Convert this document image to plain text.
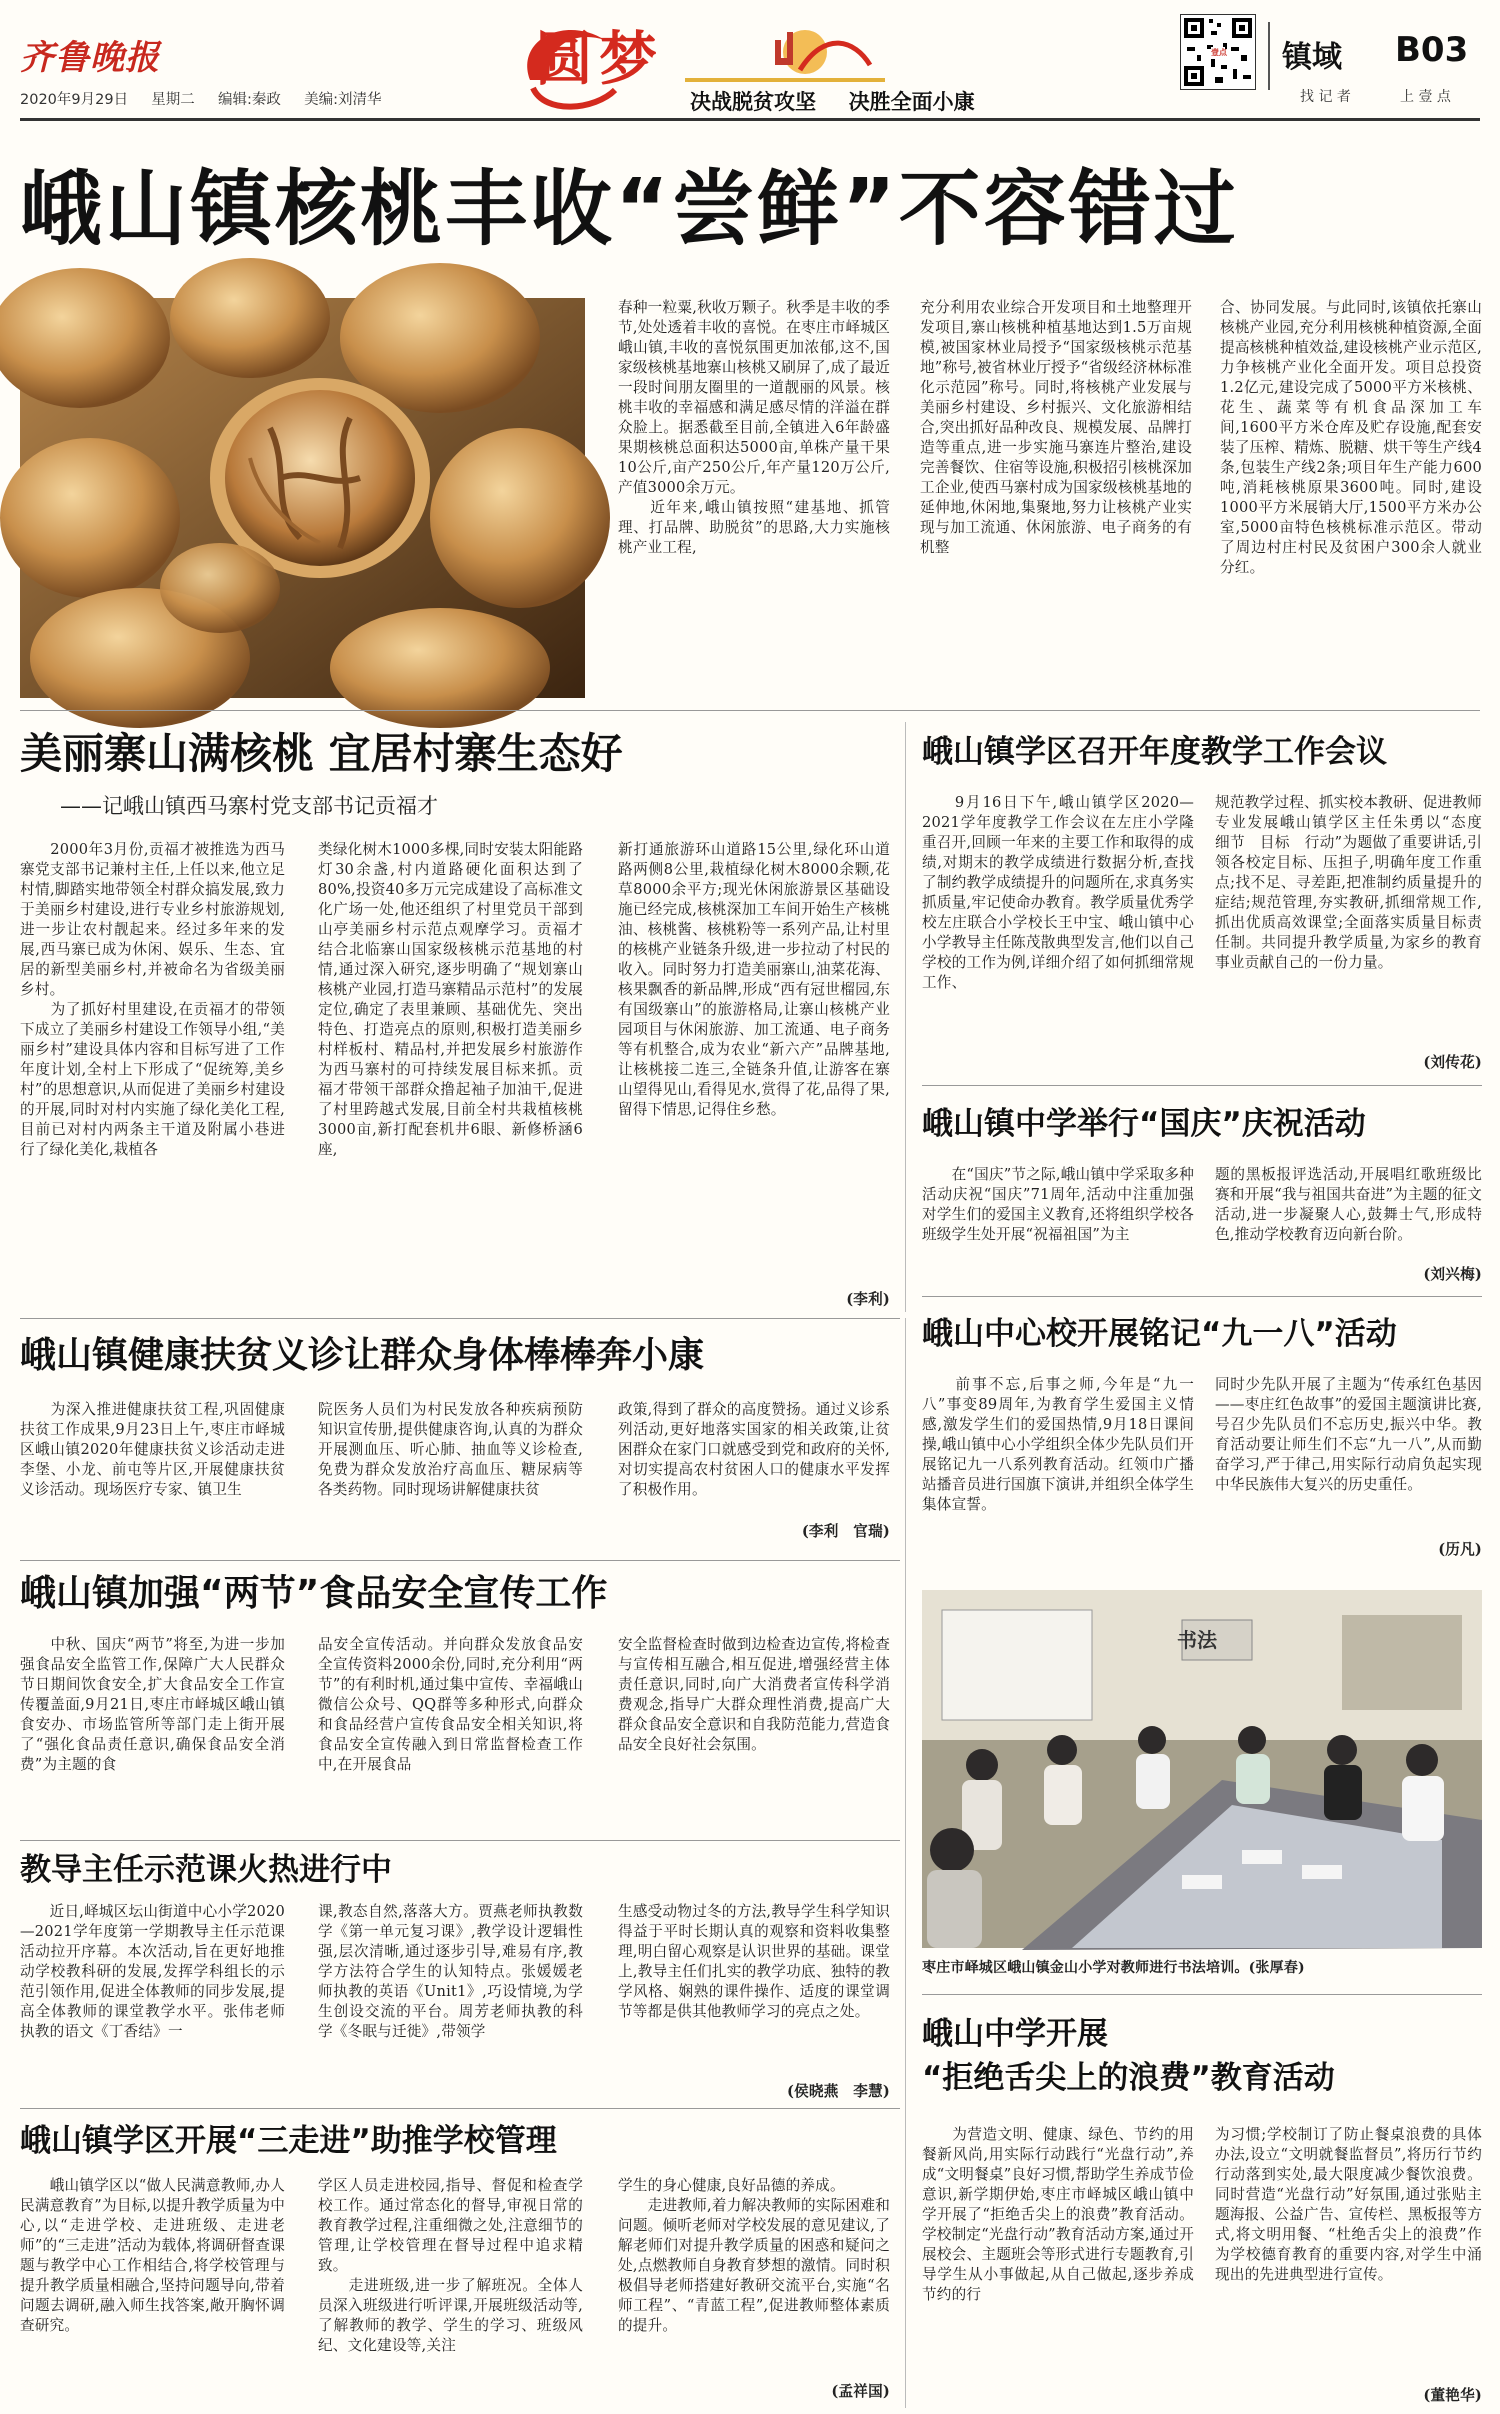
齐鲁晚报
2020年9月29日 星期二 编辑:秦政 美编:刘清华
圆梦
决战脱贫攻坚 决胜全面小康
壹点 镇域 B03
找 记 者	上 壹 点
峨山镇核桃丰收“尝鲜”不容错过
春种一粒粟,秋收万颗子。秋季是丰收的季节,处处透着丰收的喜悦。在枣庄市峄城区峨山镇,丰收的喜悦氛围更加浓郁,这不,国家级核桃基地寨山核桃又刷屏了,成了最近一段时间朋友圈里的一道靓丽的风景。核桃丰收的幸福感和满足感尽情的洋溢在群众脸上。据悉截至目前,全镇进入6年龄盛果期核桃总面积达5000亩,单株产量干果10公斤,亩产250公斤,年产量120万公斤,产值3000余万元。
　　近年来,峨山镇按照“建基地、抓管理、打品牌、助脱贫”的思路,大力实施核桃产业工程,
充分利用农业综合开发项目和土地整理开发项目,寨山核桃种植基地达到1.5万亩规模,被国家林业局授予“国家级核桃示范基地”称号,被省林业厅授予“省级经济林标准化示范园”称号。同时,将核桃产业发展与美丽乡村建设、乡村振兴、文化旅游相结合,突出抓好品种改良、规模发展、品牌打造等重点,进一步实施马寨连片整治,建设完善餐饮、住宿等设施,积极招引核桃深加工企业,使西马寨村成为国家级核桃基地的延伸地,休闲地,集聚地,努力让核桃产业实现与加工流通、休闲旅游、电子商务的有机整
合、协同发展。与此同时,该镇依托寨山核桃产业园,充分利用核桃种植资源,全面提高核桃种植效益,建设核桃产业示范区,力争核桃产业化全面开发。项目总投资1.2亿元,建设完成了5000平方米核桃、花生、蔬菜等有机食品深加工车间,1600平方米仓库及贮存设施,配套安装了压榨、精炼、脱糖、烘干等生产线4条,包装生产线2条;项目年生产能力600吨,消耗核桃原果3600吨。同时,建设1000平方米展销大厅,1500平方米办公室,5000亩特色核桃标准示范区。带动了周边村庄村民及贫困户300余人就业分红。
美丽寨山满核桃 宜居村寨生态好
——记峨山镇西马寨村党支部书记贡福才
　　2000年3月份,贡福才被推选为西马寨党支部书记兼村主任,上任以来,他立足村情,脚踏实地带领全村群众搞发展,致力于美丽乡村建设,进行专业乡村旅游规划,进一步让农村靓起来。经过多年来的发展,西马寨已成为休闲、娱乐、生态、宜居的新型美丽乡村,并被命名为省级美丽乡村。
　　为了抓好村里建设,在贡福才的带领下成立了美丽乡村建设工作领导小组,“美丽乡村”建设具体内容和目标写进了工作年度计划,全村上下形成了“促统筹,美乡村”的思想意识,从而促进了美丽乡村建设的开展,同时对村内实施了绿化美化工程,目前已对村内两条主干道及附属小巷进行了绿化美化,栽植各
类绿化树木1000多棵,同时安装太阳能路灯30余盏,村内道路硬化面积达到了80%,投资40多万元完成建设了高标准文化广场一处,他还组织了村里党员干部到山亭美丽乡村示范点观摩学习。贡福才结合北临寨山国家级核桃示范基地的村情,通过深入研究,逐步明确了“规划寨山核桃产业园,打造马寨精品示范村”的发展定位,确定了表里兼顾、基础优先、突出特色、打造亮点的原则,积极打造美丽乡村样板村、精品村,并把发展乡村旅游作为西马寨村的可持续发展目标来抓。贡福才带领干部群众撸起袖子加油干,促进了村里跨越式发展,目前全村共栽植核桃3000亩,新打配套机井6眼、新修桥涵6座,
新打通旅游环山道路15公里,绿化环山道路两侧8公里,栽植绿化树木8000余颗,花草8000余平方;现光休闲旅游景区基础设施已经完成,核桃深加工车间开始生产核桃油、核桃酱、核桃粉等一系列产品,让村里的核桃产业链条升级,进一步拉动了村民的收入。同时努力打造美丽寨山,油菜花海、核果飘香的新品牌,形成“西有冠世榴园,东有国级寨山”的旅游格局,让寨山核桃产业园项目与休闲旅游、加工流通、电子商务等有机整合,成为农业“新六产”品牌基地,让核桃接二连三,全链条升值,让游客在寨山望得见山,看得见水,赏得了花,品得了果,留得下情思,记得住乡愁。
(李利)
峨山镇学区召开年度教学工作会议
　　9月16日下午,峨山镇学区2020—2021学年度教学工作会议在左庄小学隆重召开,回顾一年来的主要工作和取得的成绩,对期末的教学成绩进行数据分析,查找了制约教学成绩提升的问题所在,求真务实抓质量,牢记使命办教育。教学质量优秀学校左庄联合小学校长王中宝、峨山镇中心小学教导主任陈茂散典型发言,他们以自己学校的工作为例,详细介绍了如何抓细常规工作、
规范教学过程、抓实校本教研、促进教师专业发展峨山镇学区主任朱勇以“态度　细节　目标　行动”为题做了重要讲话,引领各校定目标、压担子,明确年度工作重点;找不足、寻差距,把准制约质量提升的症结;规范管理,夯实教研,抓细常规工作,抓出优质高效课堂;全面落实质量目标责任制。共同提升教学质量,为家乡的教育事业贡献自己的一份力量。
(刘传花)
峨山镇中学举行“国庆”庆祝活动
　　在“国庆”节之际,峨山镇中学采取多种活动庆祝“国庆”71周年,活动中注重加强对学生们的爱国主义教育,还将组织学校各班级学生处开展“祝福祖国”为主
题的黑板报评选活动,开展唱红歌班级比赛和开展“我与祖国共奋进”为主题的征文活动,进一步凝聚人心,鼓舞士气,形成特色,推动学校教育迈向新台阶。
(刘兴梅)
峨山镇健康扶贫义诊让群众身体棒棒奔小康
　　为深入推进健康扶贫工程,巩固健康扶贫工作成果,9月23日上午,枣庄市峄城区峨山镇2020年健康扶贫义诊活动走进李堡、小龙、前屯等片区,开展健康扶贫义诊活动。现场医疗专家、镇卫生
院医务人员们为村民发放各种疾病预防知识宣传册,提供健康咨询,认真的为群众开展测血压、听心肺、抽血等义诊检查,免费为群众发放治疗高血压、糖尿病等各类药物。同时现场讲解健康扶贫
政策,得到了群众的高度赞扬。通过义诊系列活动,更好地落实国家的相关政策,让贫困群众在家门口就感受到党和政府的关怀,对切实提高农村贫困人口的健康水平发挥了积极作用。
(李利　官瑞)
峨山中心校开展铭记“九一八”活动
　　前事不忘,后事之师,今年是“九一八”事变89周年,为教育学生爱国主义情感,激发学生们的爱国热情,9月18日课间操,峨山镇中心小学组织全体少先队员们开展铭记九一八系列教育活动。红领巾广播站播音员进行国旗下演讲,并组织全体学生集体宣誓。
同时少先队开展了主题为“传承红色基因——枣庄红色故事”的爱国主题演讲比赛,号召少先队员们不忘历史,振兴中华。教育活动要让师生们不忘“九一八”,从而勤奋学习,严于律己,用实际行动肩负起实现中华民族伟大复兴的历史重任。
(历凡)
峨山镇加强“两节”食品安全宣传工作
　　中秋、国庆“两节”将至,为进一步加强食品安全监管工作,保障广大人民群众节日期间饮食安全,扩大食品安全工作宣传覆盖面,9月21日,枣庄市峄城区峨山镇食安办、市场监管所等部门走上街开展了“强化食品责任意识,确保食品安全消费”为主题的食
品安全宣传活动。并向群众发放食品安全宣传资料2000余份,同时,充分利用“两节”的有利时机,通过集中宣传、幸福峨山微信公众号、QQ群等多种形式,向群众和食品经营户宣传食品安全相关知识,将食品安全宣传融入到日常监督检查工作中,在开展食品
安全监督检查时做到边检查边宣传,将检查与宣传相互融合,相互促进,增强经营主体责任意识,同时,向广大消费者宣传科学消费观念,指导广大群众理性消费,提高广大群众食品安全意识和自我防范能力,营造食品安全良好社会氛围。
教导主任示范课火热进行中
　　近日,峄城区坛山街道中心小学2020—2021学年度第一学期教导主任示范课活动拉开序幕。本次活动,旨在更好地推动学校教科研的发展,发挥学科组长的示范引领作用,促进全体教师的同步发展,提高全体教师的课堂教学水平。张伟老师执教的语文《丁香结》一
课,教态自然,落落大方。贾燕老师执教数学《第一单元复习课》,教学设计逻辑性强,层次清晰,通过逐步引导,难易有序,教学方法符合学生的认知特点。张媛媛老师执教的英语《Unit1》,巧设情境,为学生创设交流的平台。周芳老师执教的科学《冬眠与迁徙》,带领学
生感受动物过冬的方法,教导学生科学知识得益于平时长期认真的观察和资料收集整理,明白留心观察是认识世界的基础。课堂上,教导主任们扎实的教学功底、独特的教学风格、娴熟的课件操作、适度的课堂调节等都是供其他教师学习的亮点之处。
(侯晓燕　李慧)
峨山镇学区开展“三走进”助推学校管理
　　峨山镇学区以“做人民满意教师,办人民满意教育”为目标,以提升教学质量为中心,以“走进学校、走进班级、走进老师”的“三走进”活动为载体,将调研督查课题与教学中心工作相结合,将学校管理与提升教学质量相融合,坚持问题导向,带着问题去调研,融入师生找答案,敞开胸怀调查研究。
学区人员走进校园,指导、督促和检查学校工作。通过常态化的督导,审视日常的教育教学过程,注重细微之处,注意细节的管理,让学校管理在督导过程中追求精致。
　　走进班级,进一步了解班况。全体人员深入班级进行听评课,开展班级活动等,了解教师的教学、学生的学习、班级风纪、文化建设等,关注
学生的身心健康,良好品德的养成。
　　走进教师,着力解决教师的实际困难和问题。倾听老师对学校发展的意见建议,了解老师们对提升教学质量的困惑和疑问之处,点燃教师自身教育梦想的激情。同时积极倡导老师搭建好教研交流平台,实施“名师工程”、“青蓝工程”,促进教师整体素质的提升。
(孟祥国)
书法
枣庄市峄城区峨山镇金山小学对教师进行书法培训。(张厚春)
峨山中学开展
“拒绝舌尖上的浪费”教育活动
　　为营造文明、健康、绿色、节约的用餐新风尚,用实际行动践行“光盘行动”,养成“文明餐桌”良好习惯,帮助学生养成节俭意识,新学期伊始,枣庄市峄城区峨山镇中学开展了“拒绝舌尖上的浪费”教育活动。学校制定“光盘行动”教育活动方案,通过开展校会、主题班会等形式进行专题教育,引导学生从小事做起,从自己做起,逐步养成节约的行
为习惯;学校制订了防止餐桌浪费的具体办法,设立“文明就餐监督员”,将历行节约行动落到实处,最大限度减少餐饮浪费。同时营造“光盘行动”好氛围,通过张贴主题海报、公益广告、宣传栏、黑板报等方式,将文明用餐、“杜绝舌尖上的浪费”作为学校德育教育的重要内容,对学生中涌现出的先进典型进行宣传。
(董艳华)
